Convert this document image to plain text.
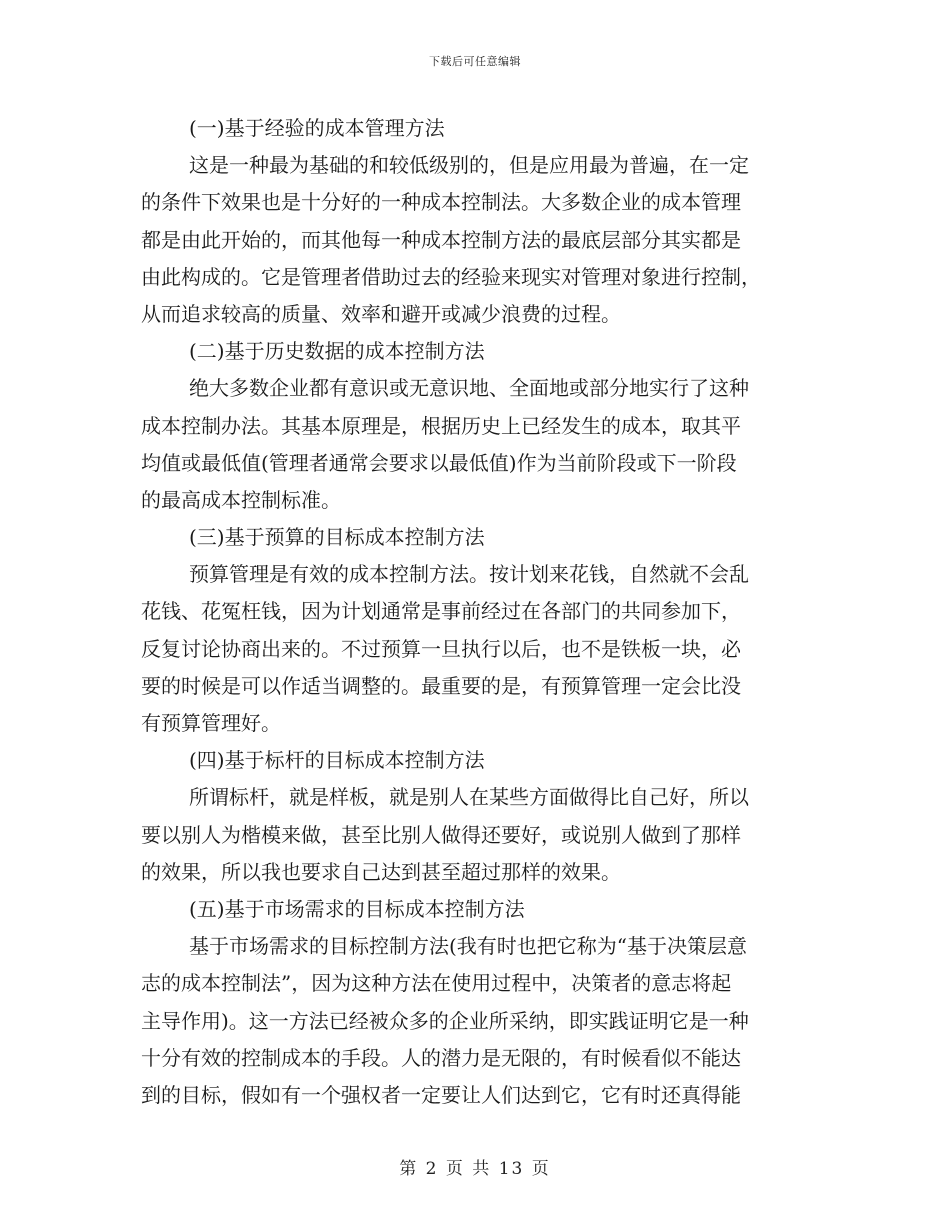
下载后可任意编辑
(一)基于经验的成本管理方法
这是一种最为基础的和较低级别的，但是应用最为普遍，在一定
的条件下效果也是十分好的一种成本控制法。大多数企业的成本管理
都是由此开始的，而其他每一种成本控制方法的最底层部分其实都是
由此构成的。它是管理者借助过去的经验来现实对管理对象进行控制，
从而追求较高的质量、效率和避开或减少浪费的过程。
(二)基于历史数据的成本控制方法
绝大多数企业都有意识或无意识地、全面地或部分地实行了这种
成本控制办法。其基本原理是，根据历史上已经发生的成本，取其平
均值或最低值(管理者通常会要求以最低值)作为当前阶段或下一阶段
的最高成本控制标准。
(三)基于预算的目标成本控制方法
预算管理是有效的成本控制方法。按计划来花钱，自然就不会乱
花钱、花冤枉钱，因为计划通常是事前经过在各部门的共同参加下，
反复讨论协商出来的。不过预算一旦执行以后，也不是铁板一块，必
要的时候是可以作适当调整的。最重要的是，有预算管理一定会比没
有预算管理好。
(四)基于标杆的目标成本控制方法
所谓标杆，就是样板，就是别人在某些方面做得比自己好，所以
要以别人为楷模来做，甚至比别人做得还要好，或说别人做到了那样
的效果，所以我也要求自己达到甚至超过那样的效果。
(五)基于市场需求的目标成本控制方法
基于市场需求的目标控制方法(我有时也把它称为“基于决策层意
志的成本控制法”，因为这种方法在使用过程中，决策者的意志将起
主导作用)。这一方法已经被众多的企业所采纳，即实践证明它是一种
十分有效的控制成本的手段。人的潜力是无限的，有时候看似不能达
到的目标，假如有一个强权者一定要让人们达到它，它有时还真得能
第 2 页 共 13 页
